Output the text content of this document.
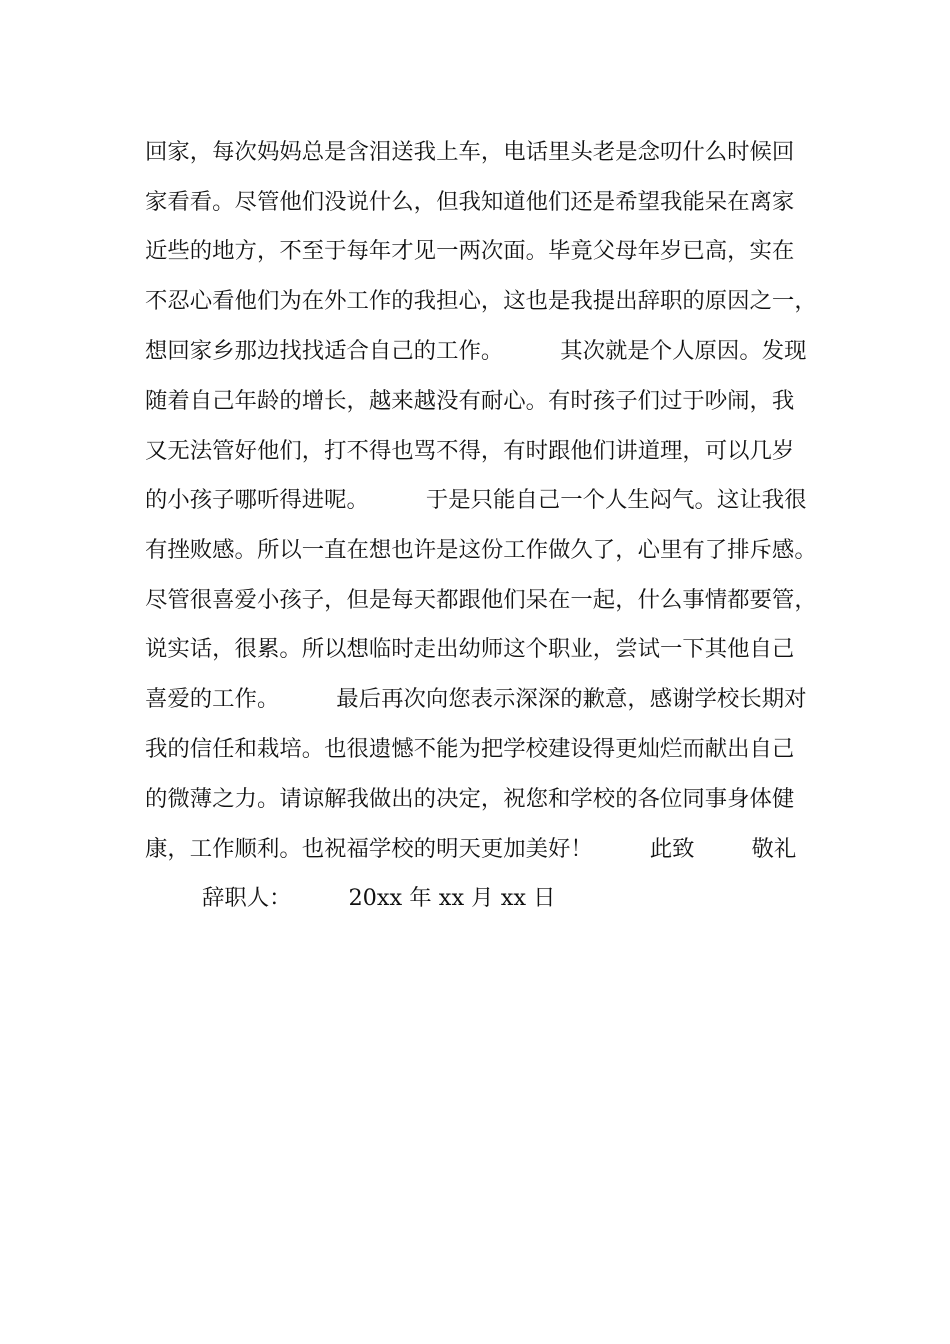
回家，每次妈妈总是含泪送我上车，电话里头老是念叨什么时候回
家看看。尽管他们没说什么，但我知道他们还是希望我能呆在离家
近些的地方，不至于每年才见一两次面。毕竟父母年岁已高，实在
不忍心看他们为在外工作的我担心，这也是我提出辞职的原因之一，
想回家乡那边找找适合自己的工作。        其次就是个人原因。发现
随着自己年龄的增长，越来越没有耐心。有时孩子们过于吵闹，我
又无法管好他们，打不得也骂不得，有时跟他们讲道理，可以几岁
的小孩子哪听得进呢。        于是只能自己一个人生闷气。这让我很
有挫败感。所以一直在想也许是这份工作做久了，心里有了排斥感。
尽管很喜爱小孩子，但是每天都跟他们呆在一起，什么事情都要管，
说实话，很累。所以想临时走出幼师这个职业，尝试一下其他自己
喜爱的工作。        最后再次向您表示深深的歉意，感谢学校长期对
我的信任和栽培。也很遗憾不能为把学校建设得更灿烂而献出自己
的微薄之力。请谅解我做出的决定，祝您和学校的各位同事身体健
康，工作顺利。也祝福学校的明天更加美好！        此致        敬礼
辞职人：        20xx 年 xx 月 xx 日
